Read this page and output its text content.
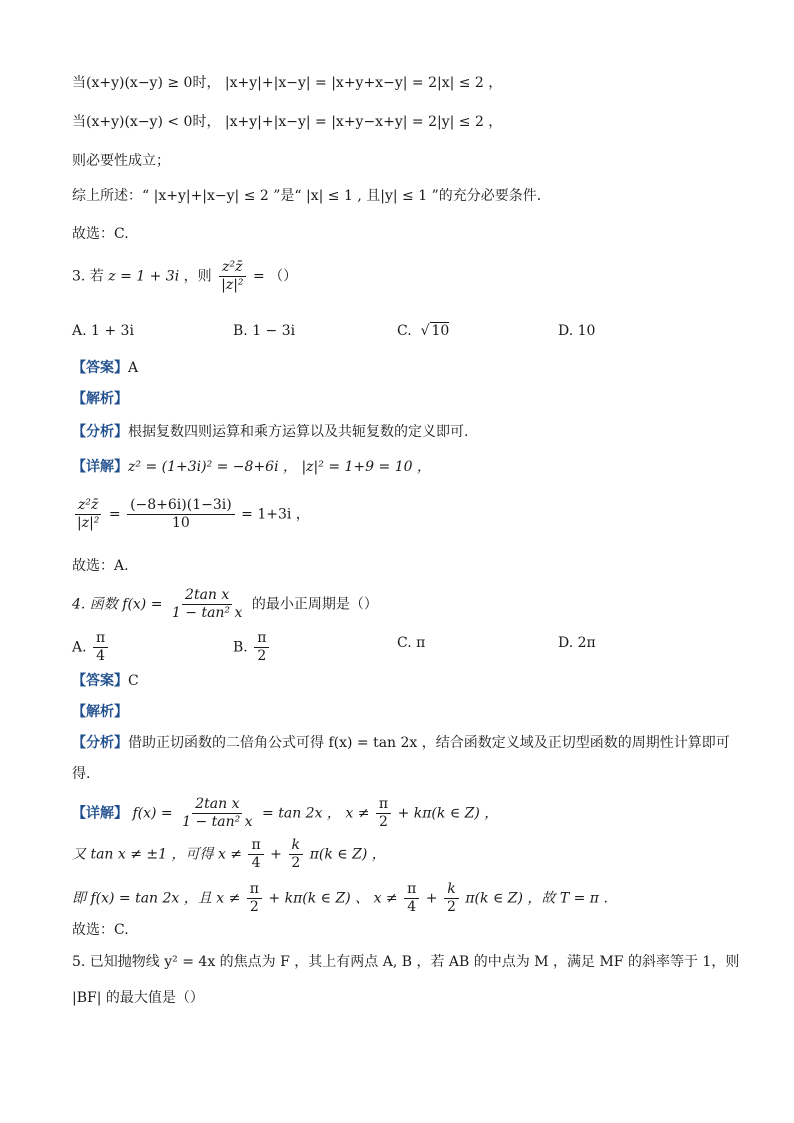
当(x+y)(x−y) ≥ 0时， |x+y|+|x−y| = |x+y+x−y| = 2|x| ≤ 2 ，
当(x+y)(x−y) < 0时， |x+y|+|x−y| = |x+y−x+y| = 2|y| ≤ 2 ，
则必要性成立；
综上所述：“ |x+y|+|x−y| ≤ 2 ”是“ |x| ≤ 1 , 且|y| ≤ 1 ”的充分必要条件.
故选：C.
3. 若 z = 1 + 3i ，则 $\frac{\text{z²z̄}}{\text{|z|²}}$ = （）
A. 1 + 3i	B. 1 − 3i	C.  √ 10	D. 10
【答案】A
【解析】
【分析】根据复数四则运算和乘方运算以及共轭复数的定义即可.
【详解】z² = (1+3i)² = −8+6i ， |z|² = 1+9 = 10 ，
$\frac{\text{z²z̄}}{\text{|z|²}} = \frac{(-8+6i)(1-3i)}{10} = 1+3i$ ，
故选：A.
4. 函数 $f(x) = \frac{\text{2tan x}}{\text{1 − tan² x}}$ 的最小正周期是（）
A. $\frac{\pi}{4}$	B. $\frac{\pi}{2}$	C. π	D. 2π
【答案】C
【解析】
【分析】借助正切函数的二倍角公式可得 f(x) = tan 2x ，结合函数定义域及正切型函数的周期性计算即可
得.
【详解】 $f(x) = \frac{\text{2tan x}}{\text{1 − tan² x}} = \tan 2x$ ， $x \ne \frac{\pi}{2} + k\pi(k$ ∈ Z) ，
又 tan x ≠ ±1 ，可得 $x \ne \frac{\pi}{4} + \frac{k}{2} \pi(k$ ∈ Z) ，
即 f(x) = tan 2x ，且 $x \ne \frac{\pi}{2} + k\pi(k$ ∈ Z) 、 $x \ne \frac{\pi}{4} + \frac{k}{2} \pi(k$ ∈ Z) ，故 T = π .
故选：C.
5. 已知抛物线 y² = 4x 的焦点为 F ，其上有两点 A, B ，若 AB 的中点为 M ，满足 MF 的斜率等于 1，则
|BF| 的最大值是（）
